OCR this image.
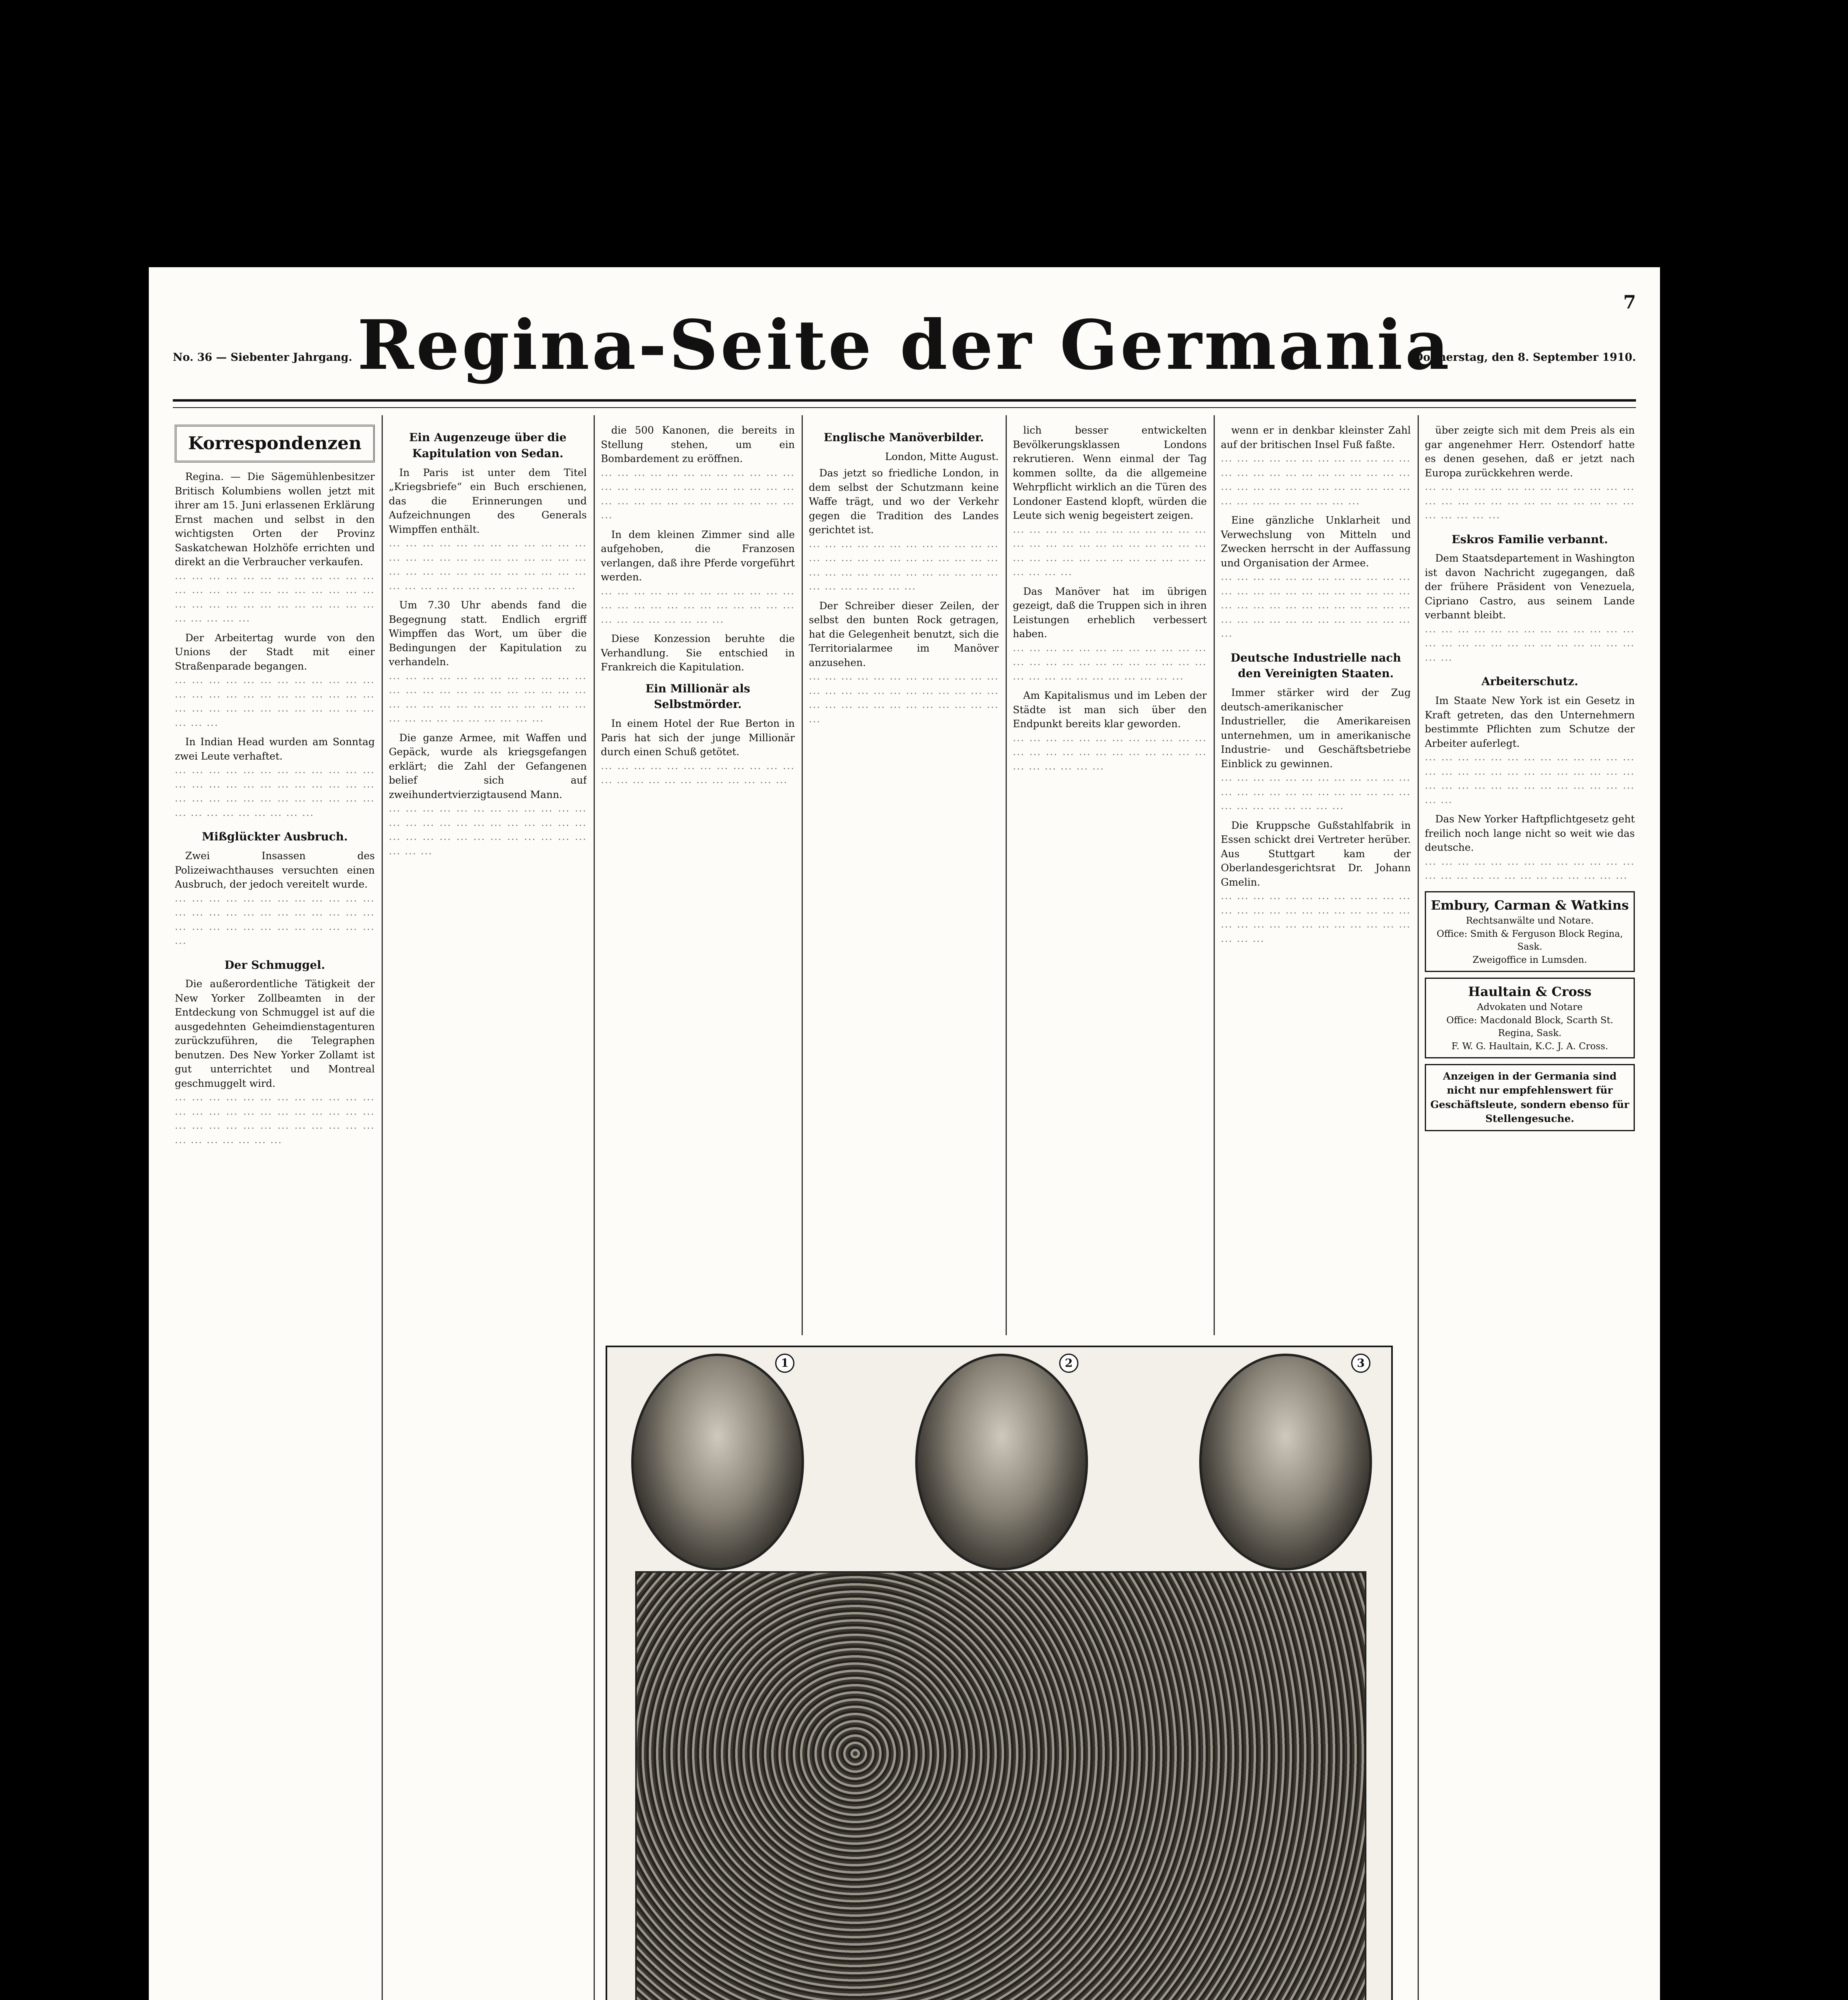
7
No. 36 — Siebenter Jahrgang. Regina-Seite der Germania
Donnerstag, den 8. September 1910.
Korrespondenzen

Regina. — Die Sägemühlenbesitzer Britisch Kolumbiens wollen jetzt mit ihrer am 15. Juni erlassenen Erklärung Ernst machen und selbst in den wichtigsten Orten der Provinz Saskatchewan Holzhöfe errichten und direkt an die Verbraucher verkaufen.

··· ··· ··· ··· ··· ··· ··· ··· ··· ··· ··· ··· ··· ··· ··· ··· ··· ··· ··· ··· ··· ··· ··· ··· ··· ··· ··· ··· ··· ··· ··· ··· ··· ··· ··· ··· ··· ··· ··· ··· ···

Der Arbeitertag wurde von den Unions der Stadt mit einer Straßenparade begangen.

··· ··· ··· ··· ··· ··· ··· ··· ··· ··· ··· ··· ··· ··· ··· ··· ··· ··· ··· ··· ··· ··· ··· ··· ··· ··· ··· ··· ··· ··· ··· ··· ··· ··· ··· ··· ··· ··· ···

In Indian Head wurden am Sonntag zwei Leute verhaftet.

··· ··· ··· ··· ··· ··· ··· ··· ··· ··· ··· ··· ··· ··· ··· ··· ··· ··· ··· ··· ··· ··· ··· ··· ··· ··· ··· ··· ··· ··· ··· ··· ··· ··· ··· ··· ··· ··· ··· ··· ··· ··· ··· ··· ···

Mißglückter Ausbruch.

Zwei Insassen des Polizeiwachthauses versuchten einen Ausbruch, der jedoch vereitelt wurde.

··· ··· ··· ··· ··· ··· ··· ··· ··· ··· ··· ··· ··· ··· ··· ··· ··· ··· ··· ··· ··· ··· ··· ··· ··· ··· ··· ··· ··· ··· ··· ··· ··· ··· ··· ··· ···

Der Schmuggel.

Die außerordentliche Tätigkeit der New Yorker Zollbeamten in der Entdeckung von Schmuggel ist auf die ausgedehnten Geheimdienstagenturen zurückzuführen, die Telegraphen benutzen. Des New Yorker Zollamt ist gut unterrichtet und Montreal geschmuggelt wird.

··· ··· ··· ··· ··· ··· ··· ··· ··· ··· ··· ··· ··· ··· ··· ··· ··· ··· ··· ··· ··· ··· ··· ··· ··· ··· ··· ··· ··· ··· ··· ··· ··· ··· ··· ··· ··· ··· ··· ··· ··· ··· ···

Ein Augenzeuge über die Kapitulation von Sedan.

In Paris ist unter dem Titel „Kriegsbriefe“ ein Buch erschienen, das die Erinnerungen und Aufzeichnungen des Generals Wimpffen enthält.

··· ··· ··· ··· ··· ··· ··· ··· ··· ··· ··· ··· ··· ··· ··· ··· ··· ··· ··· ··· ··· ··· ··· ··· ··· ··· ··· ··· ··· ··· ··· ··· ··· ··· ··· ··· ··· ··· ··· ··· ··· ··· ··· ··· ··· ··· ··· ···

Um 7.30 Uhr abends fand die Begegnung statt. Endlich ergriff Wimpffen das Wort, um über die Bedingungen der Kapitulation zu verhandeln.

··· ··· ··· ··· ··· ··· ··· ··· ··· ··· ··· ··· ··· ··· ··· ··· ··· ··· ··· ··· ··· ··· ··· ··· ··· ··· ··· ··· ··· ··· ··· ··· ··· ··· ··· ··· ··· ··· ··· ··· ··· ··· ··· ··· ··· ···

Die ganze Armee, mit Waffen und Gepäck, wurde als kriegsgefangen erklärt; die Zahl der Gefangenen belief sich auf zweihundertvierzigtausend Mann.

··· ··· ··· ··· ··· ··· ··· ··· ··· ··· ··· ··· ··· ··· ··· ··· ··· ··· ··· ··· ··· ··· ··· ··· ··· ··· ··· ··· ··· ··· ··· ··· ··· ··· ··· ··· ··· ··· ···

die 500 Kanonen, die bereits in Stellung stehen, um ein Bombardement zu eröffnen.

··· ··· ··· ··· ··· ··· ··· ··· ··· ··· ··· ··· ··· ··· ··· ··· ··· ··· ··· ··· ··· ··· ··· ··· ··· ··· ··· ··· ··· ··· ··· ··· ··· ··· ··· ··· ···

In dem kleinen Zimmer sind alle aufgehoben, die Franzosen verlangen, daß ihre Pferde vorgeführt werden.

··· ··· ··· ··· ··· ··· ··· ··· ··· ··· ··· ··· ··· ··· ··· ··· ··· ··· ··· ··· ··· ··· ··· ··· ··· ··· ··· ··· ··· ··· ··· ···

Diese Konzession beruhte die Verhandlung. Sie entschied in Frankreich die Kapitulation.

Ein Millionär als Selbstmörder.

In einem Hotel der Rue Berton in Paris hat sich der junge Millionär durch einen Schuß getötet.

··· ··· ··· ··· ··· ··· ··· ··· ··· ··· ··· ··· ··· ··· ··· ··· ··· ··· ··· ··· ··· ··· ··· ···

Englische Manöverbilder.

London, Mitte August.

Das jetzt so friedliche London, in dem selbst der Schutzmann keine Waffe trägt, und wo der Verkehr gegen die Tradition des Landes gerichtet ist.

··· ··· ··· ··· ··· ··· ··· ··· ··· ··· ··· ··· ··· ··· ··· ··· ··· ··· ··· ··· ··· ··· ··· ··· ··· ··· ··· ··· ··· ··· ··· ··· ··· ··· ··· ··· ··· ··· ··· ··· ··· ··· ···

Der Schreiber dieser Zeilen, der selbst den bunten Rock getragen, hat die Gelegenheit benutzt, sich die Territorialarmee im Manöver anzusehen.

··· ··· ··· ··· ··· ··· ··· ··· ··· ··· ··· ··· ··· ··· ··· ··· ··· ··· ··· ··· ··· ··· ··· ··· ··· ··· ··· ··· ··· ··· ··· ··· ··· ··· ··· ··· ···

lich besser entwickelten Bevölkerungsklassen Londons rekrutieren. Wenn einmal der Tag kommen sollte, da die allgemeine Wehrpflicht wirklich an die Türen des Londoner Eastend klopft, würden die Leute sich wenig begeistert zeigen.

··· ··· ··· ··· ··· ··· ··· ··· ··· ··· ··· ··· ··· ··· ··· ··· ··· ··· ··· ··· ··· ··· ··· ··· ··· ··· ··· ··· ··· ··· ··· ··· ··· ··· ··· ··· ··· ··· ··· ···

Das Manöver hat im übrigen gezeigt, daß die Truppen sich in ihren Leistungen erheblich verbessert haben.

··· ··· ··· ··· ··· ··· ··· ··· ··· ··· ··· ··· ··· ··· ··· ··· ··· ··· ··· ··· ··· ··· ··· ··· ··· ··· ··· ··· ··· ··· ··· ··· ··· ··· ···

Am Kapitalismus und im Leben der Städte ist man sich über den Endpunkt bereits klar geworden.

··· ··· ··· ··· ··· ··· ··· ··· ··· ··· ··· ··· ··· ··· ··· ··· ··· ··· ··· ··· ··· ··· ··· ··· ··· ··· ··· ··· ··· ···

wenn er in denkbar kleinster Zahl auf der britischen Insel Fuß faßte.

··· ··· ··· ··· ··· ··· ··· ··· ··· ··· ··· ··· ··· ··· ··· ··· ··· ··· ··· ··· ··· ··· ··· ··· ··· ··· ··· ··· ··· ··· ··· ··· ··· ··· ··· ··· ··· ··· ··· ··· ··· ··· ··· ··· ···

Eine gänzliche Unklarheit und Verwechslung von Mitteln und Zwecken herrscht in der Auffassung und Organisation der Armee.

··· ··· ··· ··· ··· ··· ··· ··· ··· ··· ··· ··· ··· ··· ··· ··· ··· ··· ··· ··· ··· ··· ··· ··· ··· ··· ··· ··· ··· ··· ··· ··· ··· ··· ··· ··· ··· ··· ··· ··· ··· ··· ··· ··· ··· ··· ··· ··· ···

Deutsche Industrielle nach den Vereinigten Staaten.

Immer stärker wird der Zug deutsch-amerikanischer Industrieller, die Amerikareisen unternehmen, um in amerikanische Industrie- und Geschäftsbetriebe Einblick zu gewinnen.

··· ··· ··· ··· ··· ··· ··· ··· ··· ··· ··· ··· ··· ··· ··· ··· ··· ··· ··· ··· ··· ··· ··· ··· ··· ··· ··· ··· ··· ··· ··· ···

Die Kruppsche Gußstahlfabrik in Essen schickt drei Vertreter herüber. Aus Stuttgart kam der Oberlandesgerichtsrat Dr. Johann Gmelin.

··· ··· ··· ··· ··· ··· ··· ··· ··· ··· ··· ··· ··· ··· ··· ··· ··· ··· ··· ··· ··· ··· ··· ··· ··· ··· ··· ··· ··· ··· ··· ··· ··· ··· ··· ··· ··· ··· ···

über zeigte sich mit dem Preis als ein gar angenehmer Herr. Ostendorf hatte es denen gesehen, daß er jetzt nach Europa zurückkehren werde.

··· ··· ··· ··· ··· ··· ··· ··· ··· ··· ··· ··· ··· ··· ··· ··· ··· ··· ··· ··· ··· ··· ··· ··· ··· ··· ··· ··· ··· ··· ···

Eskros Familie verbannt.

Dem Staatsdepartement in Washington ist davon Nachricht zugegangen, daß der frühere Präsident von Venezuela, Cipriano Castro, aus seinem Lande verbannt bleibt.

··· ··· ··· ··· ··· ··· ··· ··· ··· ··· ··· ··· ··· ··· ··· ··· ··· ··· ··· ··· ··· ··· ··· ··· ··· ··· ··· ···

Arbeiterschutz.

Im Staate New York ist ein Gesetz in Kraft getreten, das den Unternehmern bestimmte Pflichten zum Schutze der Arbeiter auferlegt.

··· ··· ··· ··· ··· ··· ··· ··· ··· ··· ··· ··· ··· ··· ··· ··· ··· ··· ··· ··· ··· ··· ··· ··· ··· ··· ··· ··· ··· ··· ··· ··· ··· ··· ··· ··· ··· ··· ··· ··· ···

Das New Yorker Haftpflichtgesetz geht freilich noch lange nicht so weit wie das deutsche.

··· ··· ··· ··· ··· ··· ··· ··· ··· ··· ··· ··· ··· ··· ··· ··· ··· ··· ··· ··· ··· ··· ··· ··· ··· ···

Embury, Carman & Watkins
Rechtsanwälte und Notare.
Office: Smith & Ferguson Block Regina, Sask.
Zweigoffice in Lumsden.
Haultain & Cross
Advokaten und Notare
Office: Macdonald Block, Scarth St. Regina, Sask.
F. W. G. Haultain, K.C. J. A. Cross.
Anzeigen in der Germania sind nicht nur empfehlenswert für Geschäftsleute, sondern ebenso für Stellengesuche.
1	2	3
